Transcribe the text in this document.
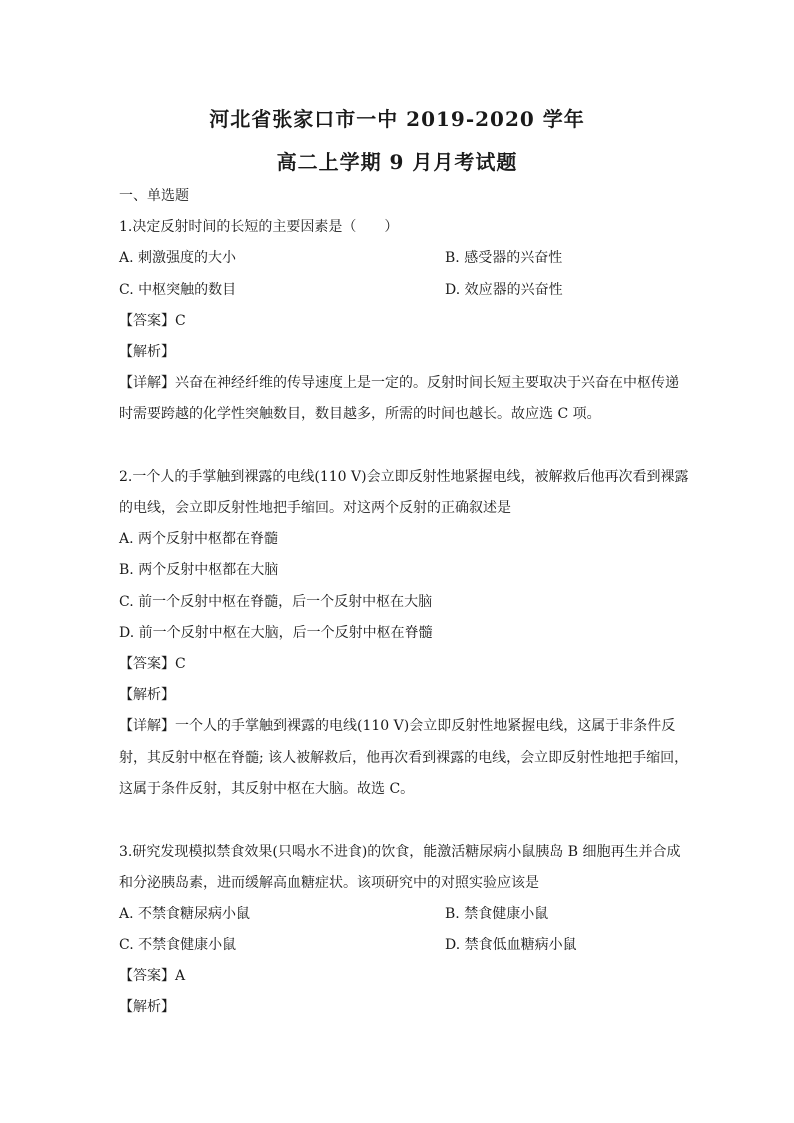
河北省张家口市一中 2019-2020 学年
高二上学期 9 月月考试题
一、单选题
1.决定反射时间的长短的主要因素是（　　）
A. 刺激强度的大小	B. 感受器的兴奋性
C. 中枢突触的数目	D. 效应器的兴奋性
【答案】C
【解析】
【详解】兴奋在神经纤维的传导速度上是一定的。反射时间长短主要取决于兴奋在中枢传递
时需要跨越的化学性突触数目，数目越多，所需的时间也越长。故应选 C 项。
2.一个人的手掌触到裸露的电线(110 V)会立即反射性地紧握电线，被解救后他再次看到裸露
的电线，会立即反射性地把手缩回。对这两个反射的正确叙述是
A. 两个反射中枢都在脊髓
B. 两个反射中枢都在大脑
C. 前一个反射中枢在脊髓，后一个反射中枢在大脑
D. 前一个反射中枢在大脑，后一个反射中枢在脊髓
【答案】C
【解析】
【详解】一个人的手掌触到裸露的电线(110 V)会立即反射性地紧握电线，这属于非条件反
射，其反射中枢在脊髓; 该人被解救后，他再次看到裸露的电线，会立即反射性地把手缩回，
这属于条件反射，其反射中枢在大脑。故选 C。
3.研究发现模拟禁食效果(只喝水不进食)的饮食，能激活糖尿病小鼠胰岛 B 细胞再生并合成
和分泌胰岛素，进而缓解高血糖症状。该项研究中的对照实验应该是
A. 不禁食糖尿病小鼠	B. 禁食健康小鼠
C. 不禁食健康小鼠	D. 禁食低血糖病小鼠
【答案】A
【解析】
